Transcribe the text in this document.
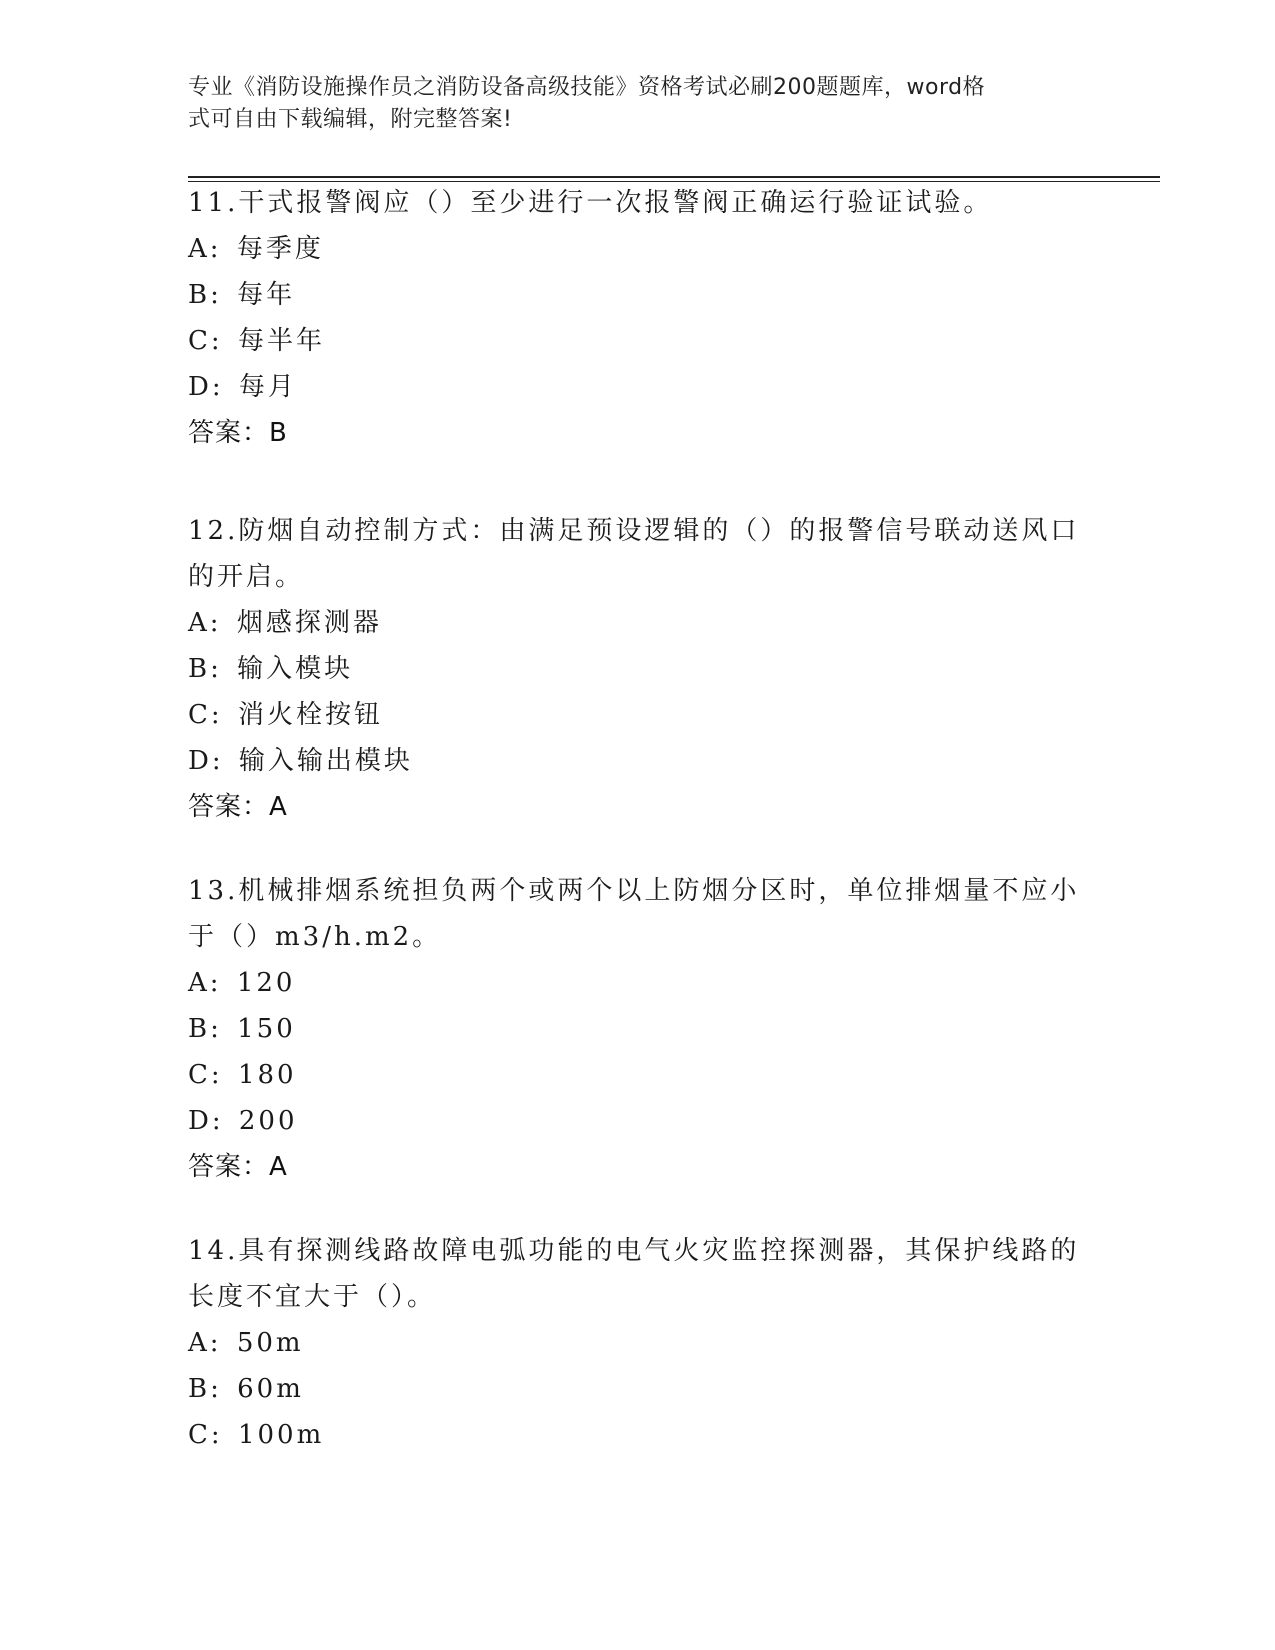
专业《消防设施操作员之消防设备高级技能》资格考试必刷200题题库，word格
式可自由下载编辑，附完整答案!
11.干式报警阀应（）至少进行一次报警阀正确运行验证试验。
A: 每季度
B: 每年
C: 每半年
D: 每月
答案：B
12.防烟自动控制方式：由满足预设逻辑的（）的报警信号联动送风口
的开启。
A: 烟感探测器
B: 输入模块
C: 消火栓按钮
D: 输入输出模块
答案：A
13.机械排烟系统担负两个或两个以上防烟分区时，单位排烟量不应小
于（）m3/h.m2。
A: 120
B: 150
C: 180
D: 200
答案：A
14.具有探测线路故障电弧功能的电气火灾监控探测器，其保护线路的
长度不宜大于（）。
A: 50m
B: 60m
C: 100m
